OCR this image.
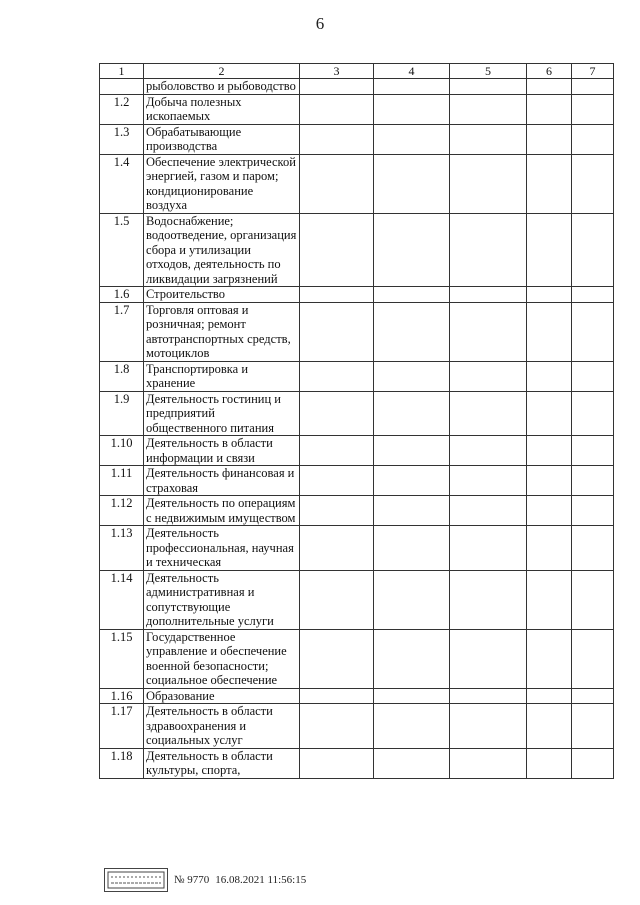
6
1	2	3	4	5	6	7
	рыболовство и рыбоводство					
1.2	Добыча полезных ископаемых					
1.3	Обрабатывающие производства					
1.4	Обеспечение электрической энергией, газом и паром; кондиционирование воздуха					
1.5	Водоснабжение; водоотведение, организация сбора и утилизации отходов, деятельность по ликвидации загрязнений					
1.6	Строительство					
1.7	Торговля оптовая и розничная; ремонт автотранспортных средств, мотоциклов					
1.8	Транспортировка и хранение					
1.9	Деятельность гостиниц и предприятий общественного питания					
1.10	Деятельность в области информации и связи					
1.11	Деятельность финансовая и страховая					
1.12	Деятельность по операциям с недвижимым имуществом					
1.13	Деятельность профессиональная, научная и техническая					
1.14	Деятельность административная и сопутствующие дополнительные услуги					
1.15	Государственное управление и обеспечение военной безопасности; социальное обеспечение					
1.16	Образование					
1.17	Деятельность в области здравоохранения и социальных услуг					
1.18	Деятельность в области культуры, спорта,					
№ 9770 16.08.2021 11:56:15
